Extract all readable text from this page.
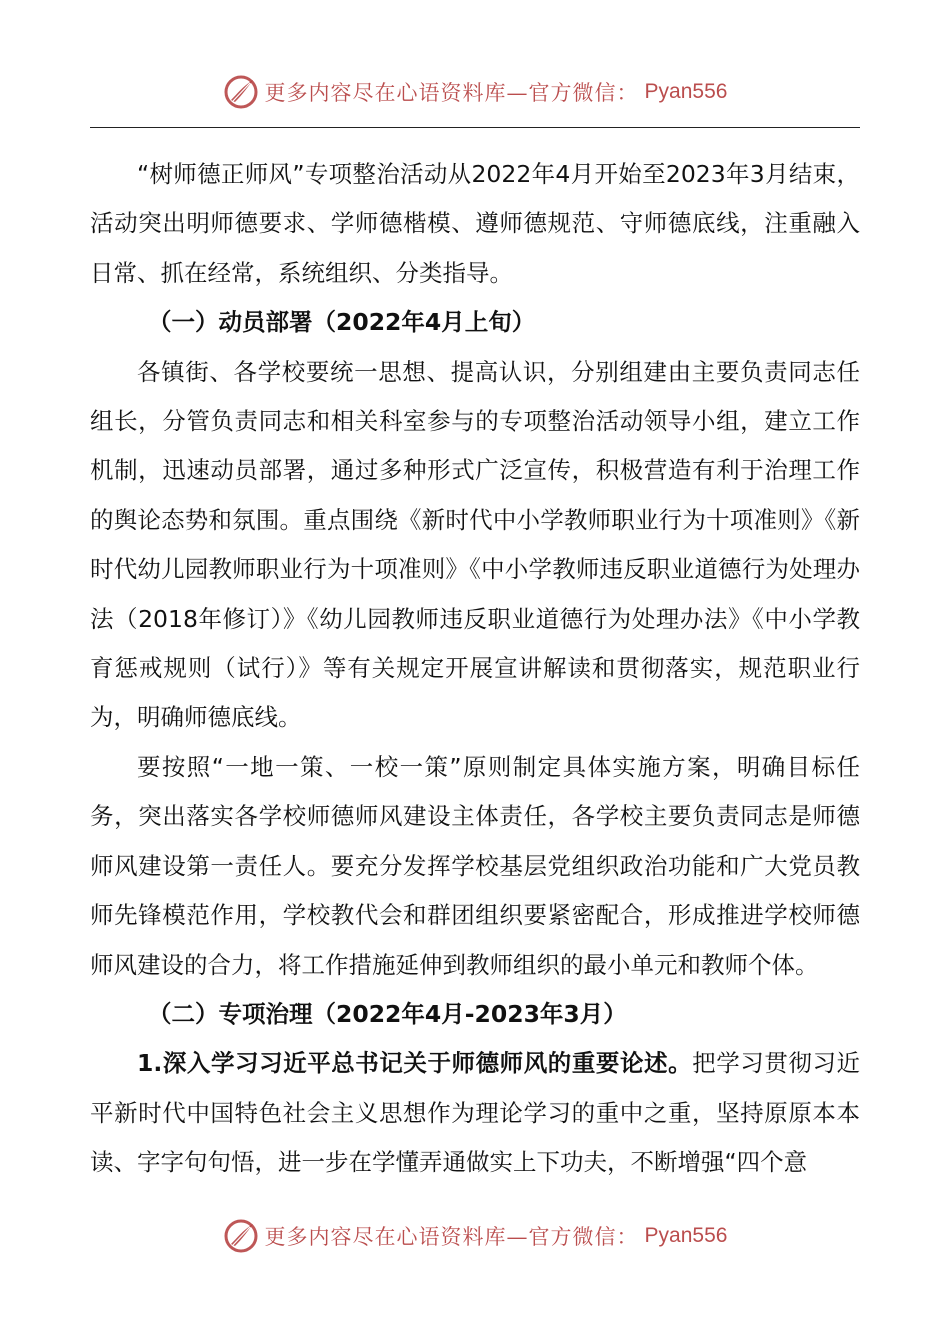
更多内容尽在心语资料库—官方微信： Pyan556

“树师德正师风”专项整治活动从2022年4月开始至2023年3月结束，活动突出明师德要求、学师德楷模、遵师德规范、守师德底线，注重融入日常、抓在经常，系统组织、分类指导。

（一）动员部署（2022年4月上旬）

各镇街、各学校要统一思想、提高认识，分别组建由主要负责同志任组长，分管负责同志和相关科室参与的专项整治活动领导小组，建立工作机制，迅速动员部署，通过多种形式广泛宣传，积极营造有利于治理工作的舆论态势和氛围。重点围绕《新时代中小学教师职业行为十项准则》《新时代幼儿园教师职业行为十项准则》《中小学教师违反职业道德行为处理办法（2018年修订）》《幼儿园教师违反职业道德行为处理办法》《中小学教育惩戒规则（试行）》等有关规定开展宣讲解读和贯彻落实，规范职业行为，明确师德底线。

要按照“一地一策、一校一策”原则制定具体实施方案，明确目标任务，突出落实各学校师德师风建设主体责任，各学校主要负责同志是师德师风建设第一责任人。要充分发挥学校基层党组织政治功能和广大党员教师先锋模范作用，学校教代会和群团组织要紧密配合，形成推进学校师德师风建设的合力，将工作措施延伸到教师组织的最小单元和教师个体。

（二）专项治理（2022年4月-2023年3月）

1.深入学习习近平总书记关于师德师风的重要论述。把学习贯彻习近平新时代中国特色社会主义思想作为理论学习的重中之重，坚持原原本本读、字字句句悟，进一步在学懂弄通做实上下功夫，不断增强“四个意

更多内容尽在心语资料库—官方微信： Pyan556
